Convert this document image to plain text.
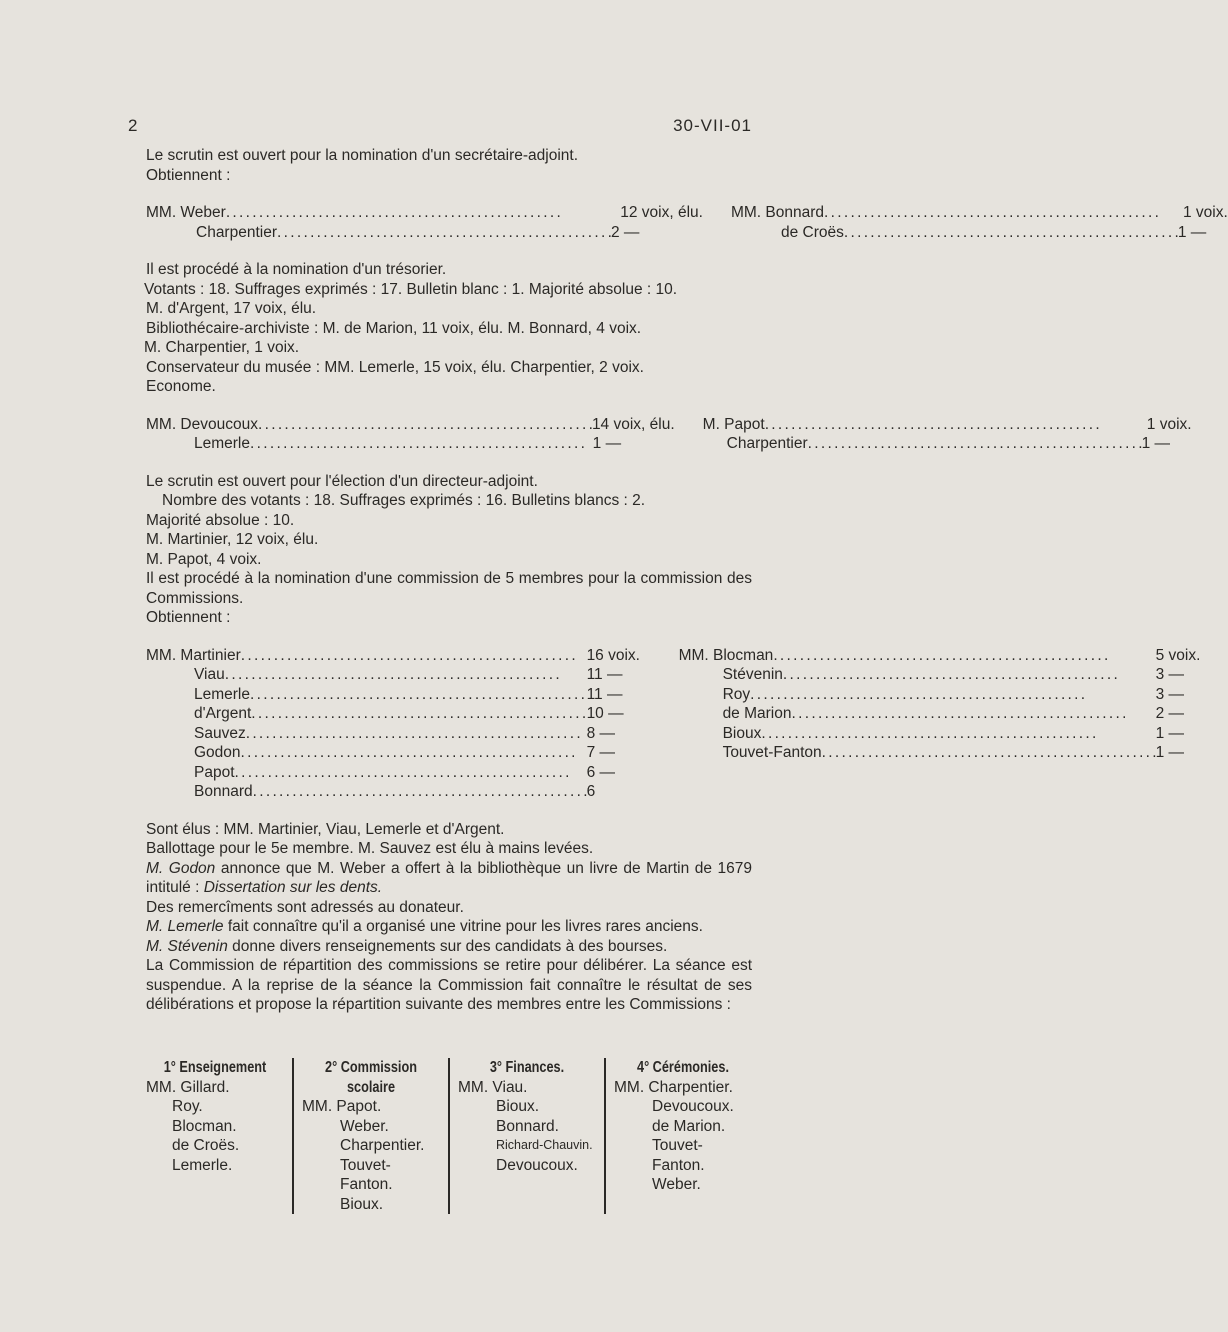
2	30-VII-01
Le scrutin est ouvert pour la nomination d'un secrétaire-adjoint.
Obtiennent :
MM. Weber . . .	12 voix, élu.
Charpentier . . .	2 —
MM. Bonnard . . .	1 voix.
de Croës . . .	1 —
Il est procédé à la nomination d'un trésorier.
Votants : 18. Suffrages exprimés : 17. Bulletin blanc : 1. Majorité absolue : 10.
M. d'Argent, 17 voix, élu.
Bibliothécaire-archiviste : M. de Marion, 11 voix, élu. M. Bonnard, 4 voix.
M. Charpentier, 1 voix.
Conservateur du musée : MM. Lemerle, 15 voix, élu. Charpentier, 2 voix.
Econome.
MM. Devoucoux . . .	14 voix, élu.
Lemerle . . .	1 —
M. Papot . . .	1 voix.
Charpentier . . .	1 —
Le scrutin est ouvert pour l'élection d'un directeur-adjoint.
Nombre des votants : 18. Suffrages exprimés : 16. Bulletins blancs : 2.
Majorité absolue : 10.
M. Martinier, 12 voix, élu.
M. Papot, 4 voix.
Il est procédé à la nomination d'une commission de 5 membres pour la commission des Commissions.
Obtiennent :
MM. Martinier . . .	16 voix.
Viau . . .	11 —
Lemerle . . .	11 —
d'Argent . . .	10 —
Sauvez . . .	8 —
Godon . . .	7 —
Papot . . .	6 —
Bonnard . . .	6
MM. Blocman . . .	5 voix.
Stévenin . . .	3 —
Roy . . .	3 —
de Marion . . .	2 —
Bioux . . .	1 —
Touvet-Fanton . . .	1 —
Sont élus : MM. Martinier, Viau, Lemerle et d'Argent.
Ballottage pour le 5e membre. M. Sauvez est élu à mains levées.
M. Godon annonce que M. Weber a offert à la bibliothèque un livre de Martin de 1679 intitulé : Dissertation sur les dents.
Des remercîments sont adressés au donateur.
M. Lemerle fait connaître qu'il a organisé une vitrine pour les livres rares anciens.
M. Stévenin donne divers renseignements sur des candidats à des bourses.
La Commission de répartition des commissions se retire pour délibérer. La séance est suspendue. A la reprise de la séance la Commission fait connaître le résultat de ses délibérations et propose la répartition suivante des membres entre les Commissions :
1° Enseignement
MM. Gillard.
Roy.
Blocman.
de Croës.
Lemerle.
2° Commission scolaire
MM. Papot.
Weber.
Charpentier.
Touvet-Fanton.
Bioux.
3° Finances.
MM. Viau.
Bioux.
Bonnard.
Richard-Chauvin.
Devoucoux.
4° Cérémonies.
MM. Charpentier.
Devoucoux.
de Marion.
Touvet-Fanton.
Weber.
